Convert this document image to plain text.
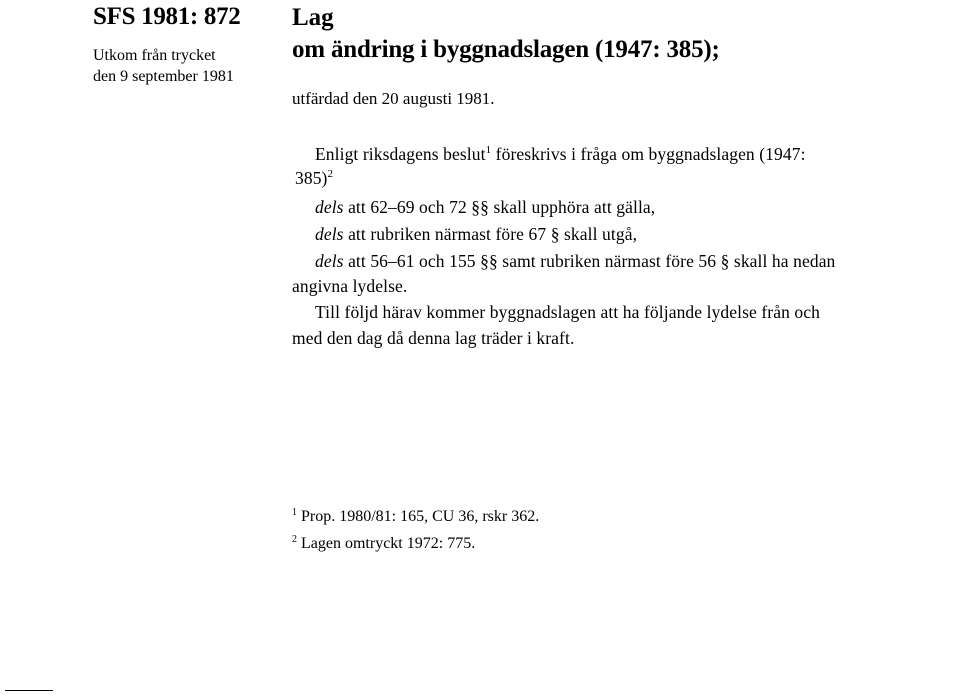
SFS 1981: 872
Utkom från trycket
den 9 september 1981
Lag
om ändring i byggnadslagen (1947: 385);
utfärdad den 20 augusti 1981.
Enligt riksdagens beslut$^1$ föreskrivs i fråga om byggnadslagen (1947:
385)$^2$
dels att 62–69 och 72 §§ skall upphöra att gälla,
dels att rubriken närmast före 67 § skall utgå,
dels att 56–61 och 155 §§ samt rubriken närmast före 56 § skall ha nedan
angivna lydelse.
Till följd härav kommer byggnadslagen att ha följande lydelse från och
med den dag då denna lag träder i kraft.
$^1$ Prop. 1980/81: 165, CU 36, rskr 362.
$^2$ Lagen omtryckt 1972: 775.
